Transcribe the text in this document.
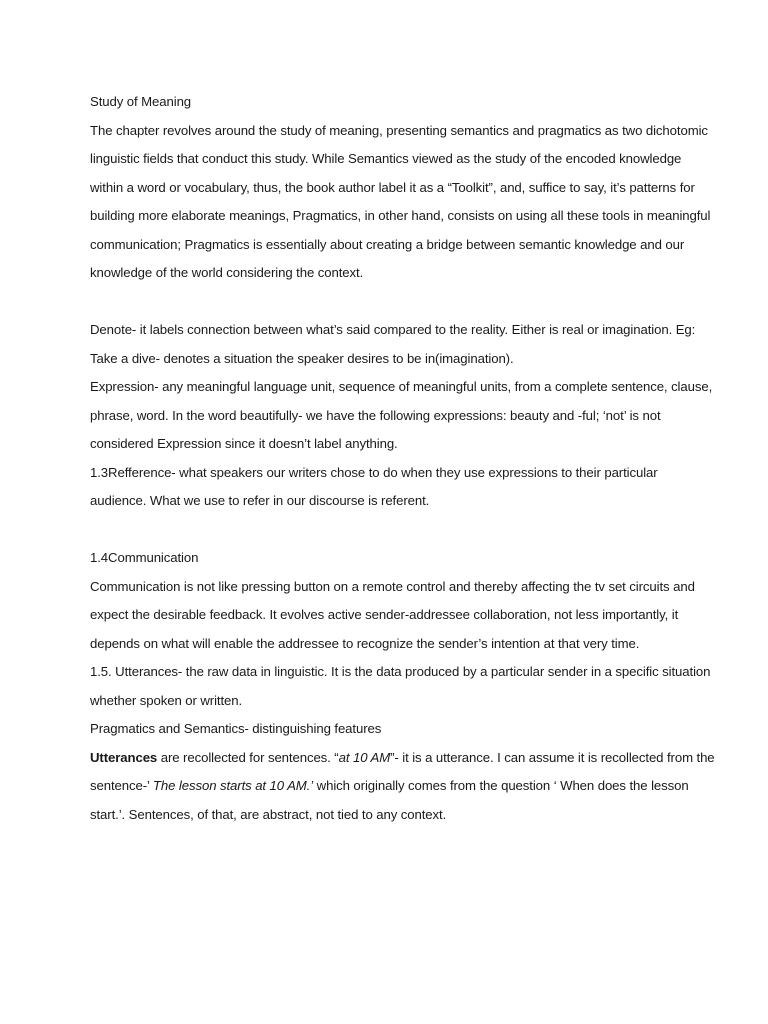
Study of Meaning

The chapter revolves around the study of meaning, presenting semantics and pragmatics as two dichotomic linguistic fields that conduct this study. While Semantics viewed as the study of the encoded knowledge within a word or vocabulary, thus, the book author label it as a “Toolkit”, and, suffice to say, it’s patterns for building more elaborate meanings, Pragmatics, in other hand, consists on using all these tools in meaningful communication; Pragmatics is essentially about creating a bridge between semantic knowledge and our knowledge of the world considering the context.

Denote- it labels connection between what’s said compared to the reality. Either is real or imagination. Eg: Take a dive- denotes a situation the speaker desires to be in(imagination).

Expression- any meaningful language unit, sequence of meaningful units, from a complete sentence, clause, phrase, word. In the word beautifully- we have the following expressions: beauty and -ful; ‘not’ is not considered Expression since it doesn’t label anything.

1.3Refference- what speakers our writers chose to do when they use expressions to their particular audience. What we use to refer in our discourse is referent.

1.4Communication

Communication is not like pressing button on a remote control and thereby affecting the tv set circuits and expect the desirable feedback. It evolves active sender-addressee collaboration, not less importantly, it depends on what will enable the addressee to recognize the sender’s intention at that very time.

1.5. Utterances- the raw data in linguistic. It is the data produced by a particular sender in a specific situation whether spoken or written.

Pragmatics and Semantics- distinguishing features

Utterances are recollected for sentences. “at 10 AM”- it is a utterance. I can assume it is recollected from the sentence-’ The lesson starts at 10 AM.’ which originally comes from the question ‘ When does the lesson start.’. Sentences, of that, are abstract, not tied to any context.
